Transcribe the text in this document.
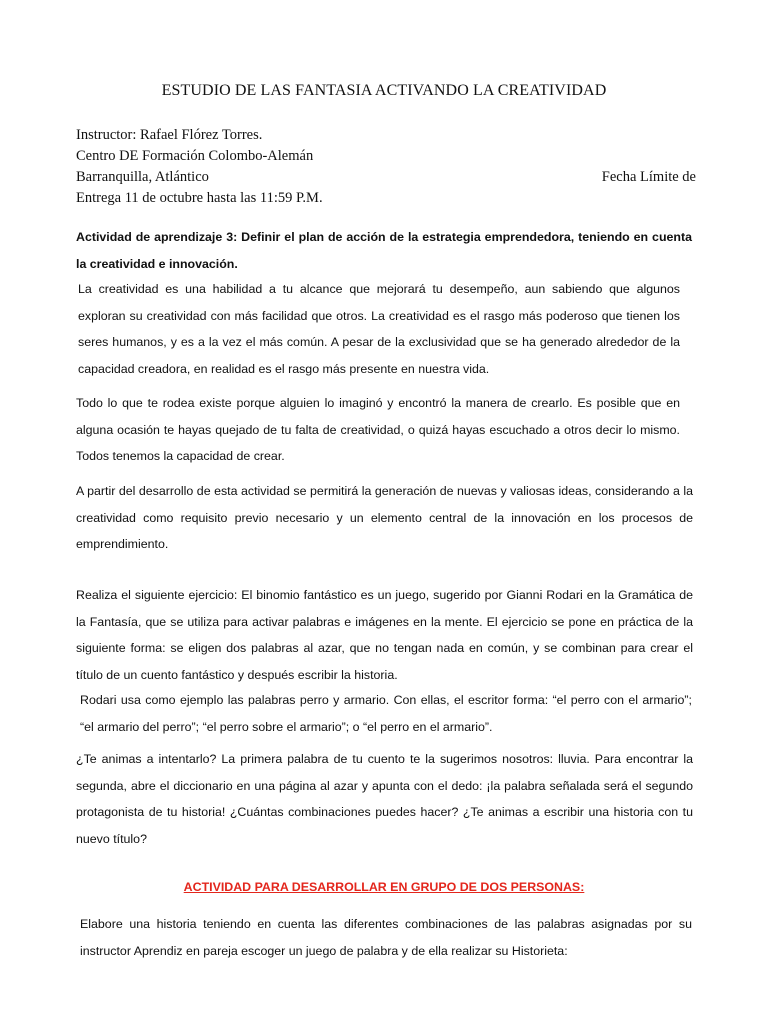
ESTUDIO DE LAS FANTASIA ACTIVANDO LA CREATIVIDAD
Instructor: Rafael Flórez Torres.
Centro DE Formación Colombo-Alemán
Barranquilla, Atlántico	Fecha Límite de
Entrega 11 de octubre hasta las 11:59 P.M.

Actividad de aprendizaje 3: Definir el plan de acción de la estrategia emprendedora, teniendo en cuenta la creatividad e innovación.

La creatividad es una habilidad a tu alcance que mejorará tu desempeño, aun sabiendo que algunos exploran su creatividad con más facilidad que otros. La creatividad es el rasgo más poderoso que tienen los seres humanos, y es a la vez el más común. A pesar de la exclusividad que se ha generado alrededor de la capacidad creadora, en realidad es el rasgo más presente en nuestra vida.

Todo lo que te rodea existe porque alguien lo imaginó y encontró la manera de crearlo. Es posible que en alguna ocasión te hayas quejado de tu falta de creatividad, o quizá hayas escuchado a otros decir lo mismo. Todos tenemos la capacidad de crear.

A partir del desarrollo de esta actividad se permitirá la generación de nuevas y valiosas ideas, considerando a la creatividad como requisito previo necesario y un elemento central de la innovación en los procesos de emprendimiento.

Realiza el siguiente ejercicio: El binomio fantástico es un juego, sugerido por Gianni Rodari en la Gramática de la Fantasía, que se utiliza para activar palabras e imágenes en la mente. El ejercicio se pone en práctica de la siguiente forma: se eligen dos palabras al azar, que no tengan nada en común, y se combinan para crear el título de un cuento fantástico y después escribir la historia.

Rodari usa como ejemplo las palabras perro y armario. Con ellas, el escritor forma: “el perro con el armario”; “el armario del perro”; “el perro sobre el armario”; o “el perro en el armario”.

¿Te animas a intentarlo? La primera palabra de tu cuento te la sugerimos nosotros: lluvia. Para encontrar la segunda, abre el diccionario en una página al azar y apunta con el dedo: ¡la palabra señalada será el segundo protagonista de tu historia! ¿Cuántas combinaciones puedes hacer? ¿Te animas a escribir una historia con tu nuevo título?

ACTIVIDAD PARA DESARROLLAR EN GRUPO DE DOS PERSONAS:

Elabore una historia teniendo en cuenta las diferentes combinaciones de las palabras asignadas por su instructor Aprendiz en pareja escoger un juego de palabra y de ella realizar su Historieta:
